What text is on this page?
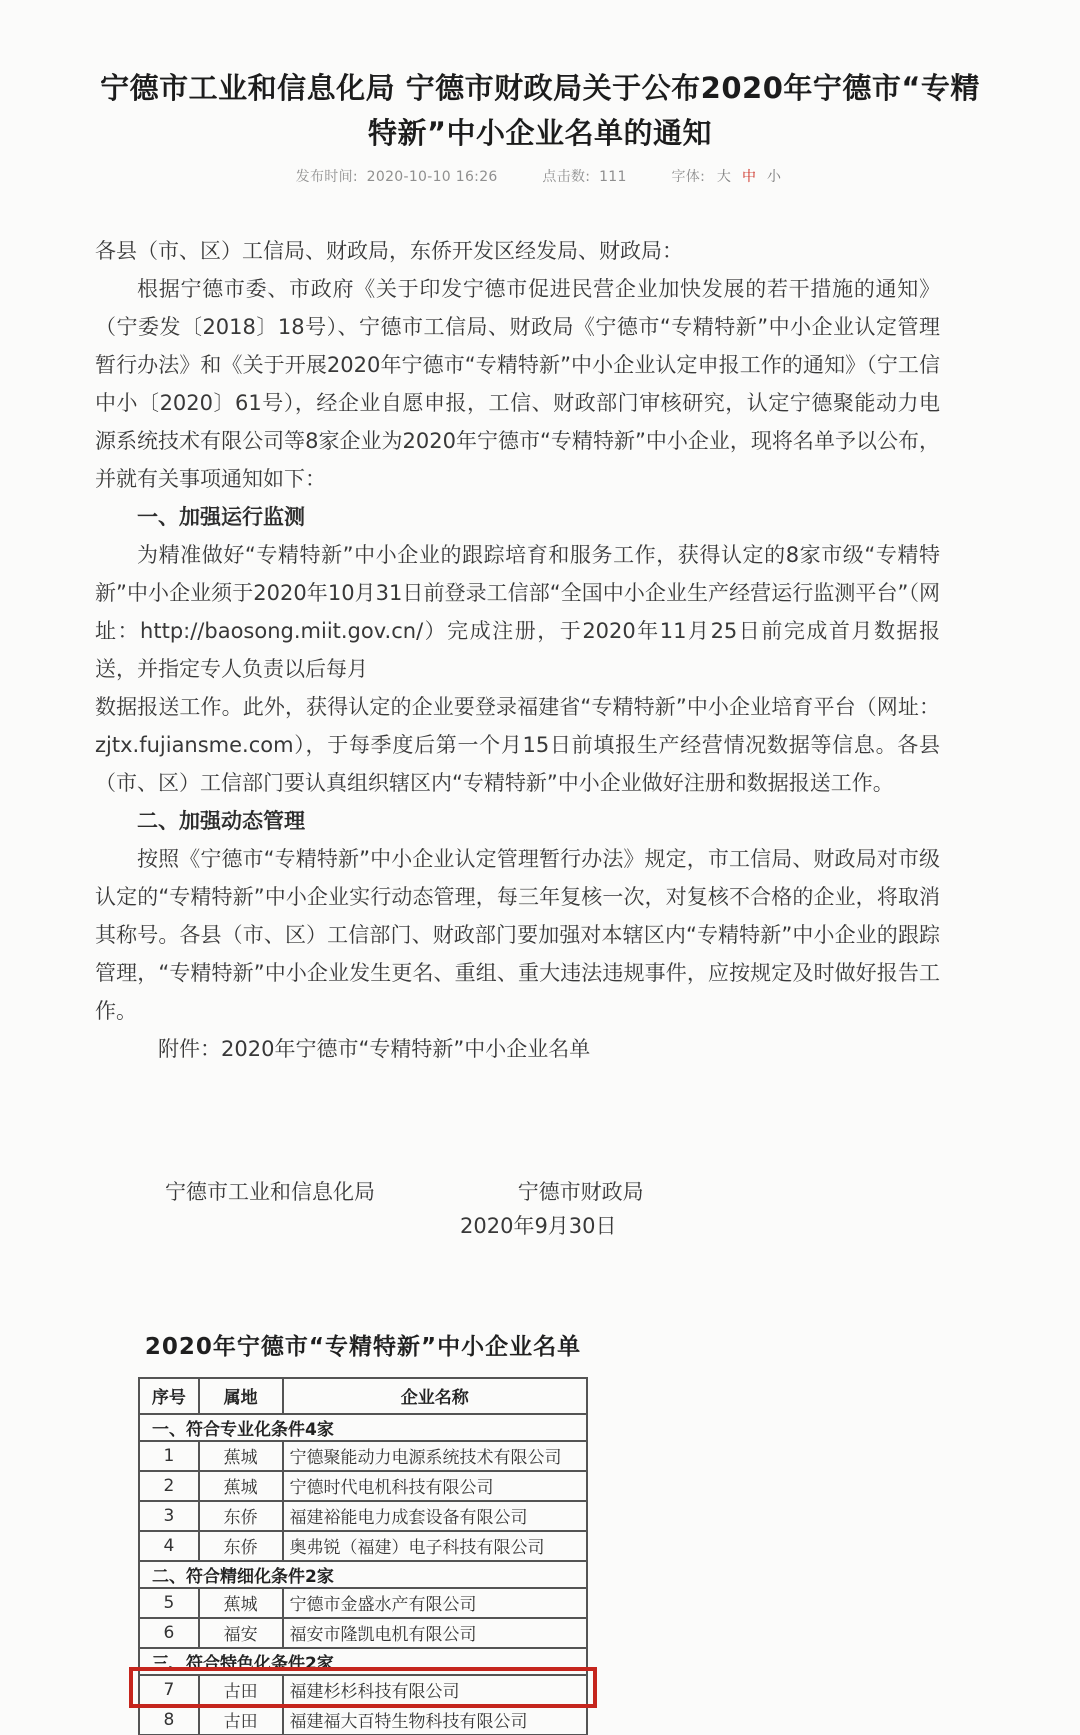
宁德市工业和信息化局 宁德市财政局关于公布2020年宁德市“专精特新”中小企业名单的通知
发布时间: 2020-10-10 16:26	点击数: 111	字体: 大 中 小

各县（市、区）工信局、财政局，东侨开发区经发局、财政局：

根据宁德市委、市政府《关于印发宁德市促进民营企业加快发展的若干措施的通知》（宁委发〔2018〕18号）、宁德市工信局、财政局《宁德市“专精特新”中小企业认定管理暂行办法》和《关于开展2020年宁德市“专精特新”中小企业认定申报工作的通知》（宁工信中小〔2020〕61号），经企业自愿申报，工信、财政部门审核研究，认定宁德聚能动力电源系统技术有限公司等8家企业为2020年宁德市“专精特新”中小企业，现将名单予以公布，并就有关事项通知如下：

一、加强运行监测

为精准做好“专精特新”中小企业的跟踪培育和服务工作，获得认定的8家市级“专精特新”中小企业须于2020年10月31日前登录工信部“全国中小企业生产经营运行监测平台”（网址：http://baosong.miit.gov.cn/）完成注册，于2020年11月25日前完成首月数据报送，并指定专人负责以后每月

数据报送工作。此外，获得认定的企业要登录福建省“专精特新”中小企业培育平台（网址：zjtx.fujiansme.com），于每季度后第一个月15日前填报生产经营情况数据等信息。各县（市、区）工信部门要认真组织辖区内“专精特新”中小企业做好注册和数据报送工作。

二、加强动态管理

按照《宁德市“专精特新”中小企业认定管理暂行办法》规定，市工信局、财政局对市级认定的“专精特新”中小企业实行动态管理，每三年复核一次，对复核不合格的企业，将取消其称号。各县（市、区）工信部门、财政部门要加强对本辖区内“专精特新”中小企业的跟踪管理，“专精特新”中小企业发生更名、重组、重大违法违规事件，应按规定及时做好报告工作。

附件：2020年宁德市“专精特新”中小企业名单

宁德市工业和信息化局	宁德市财政局
2020年9月30日
2020年宁德市“专精特新”中小企业名单
序号	属地	企业名称
一、符合专业化条件4家		
1	蕉城	宁德聚能动力电源系统技术有限公司
2	蕉城	宁德时代电机科技有限公司
3	东侨	福建裕能电力成套设备有限公司
4	东侨	奥弗锐（福建）电子科技有限公司
二、符合精细化条件2家		
5	蕉城	宁德市金盛水产有限公司
6	福安	福安市隆凯电机有限公司
三、符合特色化条件2家		
7	古田	福建杉杉科技有限公司
8	古田	福建福大百特生物科技有限公司
